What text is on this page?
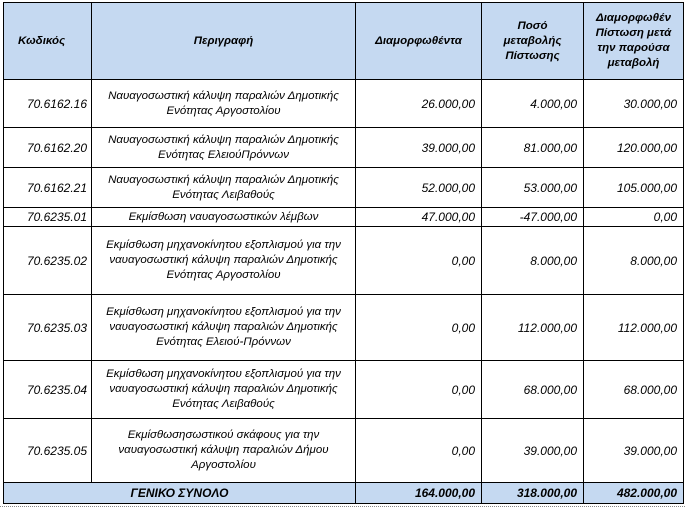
Κωδικός	Περιγραφή	Διαμορφωθέντα	Ποσό μεταβολής Πίστωσης	Διαμορφωθέν Πίστωση μετά την παρούσα μεταβολή
70.6162.16	Ναυαγοσωστική κάλυψη παραλιών Δημοτικής Ενότητας Αργοστολίου	26.000,00	4.000,00	30.000,00
70.6162.20	Ναυαγοσωστική κάλυψη παραλιών Δημοτικής Ενότητας ΕλειούΠρόννων	39.000,00	81.000,00	120.000,00
70.6162.21	Ναυαγοσωστική κάλυψη παραλιών Δημοτικής Ενότητας Λειβαθούς	52.000,00	53.000,00	105.000,00
70.6235.01	Εκμίσθωση ναυαγοσωστικών λέμβων	47.000,00	-47.000,00	0,00
70.6235.02	Εκμίσθωση μηχανοκίνητου εξοπλισμού για την ναυαγοσωστική κάλυψη παραλιών Δημοτικής Ενότητας Αργοστολίου	0,00	8.000,00	8.000,00
70.6235.03	Εκμίσθωση μηχανοκίνητου εξοπλισμού για την ναυαγοσωστική κάλυψη παραλιών Δημοτικής Ενότητας Ελειού-Πρόννων	0,00	112.000,00	112.000,00
70.6235.04	Εκμίσθωση μηχανοκίνητου εξοπλισμού για την ναυαγοσωστική κάλυψη παραλιών Δημοτικής Ενότητας Λειβαθούς	0,00	68.000,00	68.000,00
70.6235.05	Εκμίσθωσησωστικού σκάφους για την ναυαγοσωστική κάλυψη παραλιών Δήμου Αργοστολίου	0,00	39.000,00	39.000,00
ΓΕΝΙΚΟ ΣΥΝΟΛΟ		164.000,00	318.000,00	482.000,00
